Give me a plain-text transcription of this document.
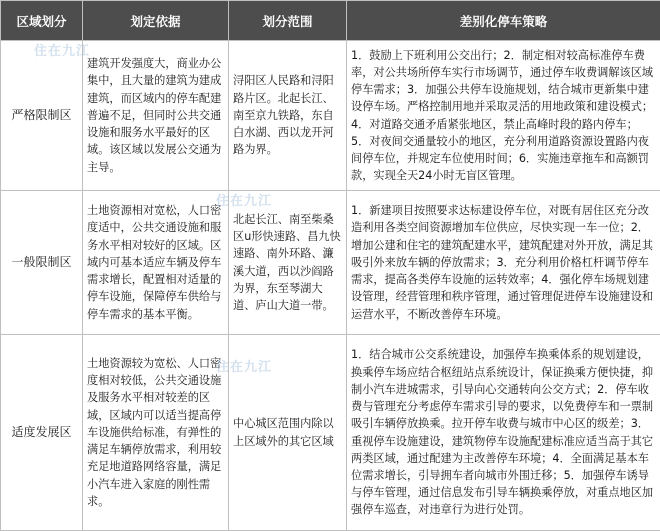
区域划分	划定依据	划分范围	差别化停车策略
严格限制区	建筑开发强度大，商业办公集中，且大量的建筑为建成建筑，而区域内的停车配建普遍不足，但同时公共交通设施和服务水平最好的区域。该区域以发展公交通为主导。	浔阳区人民路和浔阳路片区。北起长江、南至京九铁路，东自白水湖、西以龙开河路为界。	1．鼓励上下班利用公交出行；2．制定相对较高标准停车费率，对公共场所停车实行市场调节，通过停车收费调解该区域停车需求；3．加强公共停车设施规划，结合城市更新集中建设停车场。严格控制用地并采取灵活的用地政策和建设模式；4．对道路交通矛盾紧张地区，禁止高峰时段的路内停车；5．对夜间交通量较小的地区，充分利用道路资源设置路内夜间停车位，并规定车位使用时间；6．实施违章拖车和高额罚款，实现全天24小时无盲区管理。
一般限制区	土地资源相对宽松，人口密度适中，公共交通设施和服务水平相对较好的区域。区域内可基本适应车辆及停车需求增长，配置相对适量的停车设施，保障停车供给与停车需求的基本平衡。	北起长江、南至柴桑区u形快速路、昌九快速路、南外环路、濂溪大道，西以沙阎路为界，东至琴湖大道、庐山大道一带。	1．新建项目按照要求达标建设停车位，对既有居住区充分改造利用各类空间资源增加车位供应，尽快实现一车一位；2．增加公建和住宅的建筑配建水平，建筑配建对外开放，满足其吸引外来放车辆的停放需求；3．充分利用价格杠杆调节停车需求，提高各类停车设施的运转效率；4．强化停车场规划建设管理，经营管理和秩序管理，通过管理促进停车设施建设和运营水平，不断改善停车环境。
适度发展区	土地资源较为宽松、人口密度相对较低，公共交通设施及服务水平相对较差的区域，区域内可以适当提高停车设施供给标准，有弹性的满足车辆停放需求，利用较充足地道路网络容量，满足小汽车进入家庭的刚性需求。	中心城区范围内除以上区域外的其它区域	1．结合城市公交系统建设，加强停车换乘体系的规划建设，换乘停车场应结合枢纽站点系统设计，保证换乘方便快捷，抑制小汽车进城需求，引导向心交通转向公交方式；2．停车收费与管理充分考虑停车需求引导的要求，以免费停车和一票制吸引车辆停放换乘。拉开停车收费与城市中心区的级差；3．重视停车设施建设，建筑物停车设施配建标准应适当高于其它两类区域，通过配建为主改善停车环境；4．全面满足基本车位需求增长，引导拥车者向城市外围迁移；5．加强停车诱导与停车管理，通过信息发布引导车辆换乘停放，对重点地区加强停车巡查，对违章行为进行处罚。
住在九江
住在九江
住在九江
